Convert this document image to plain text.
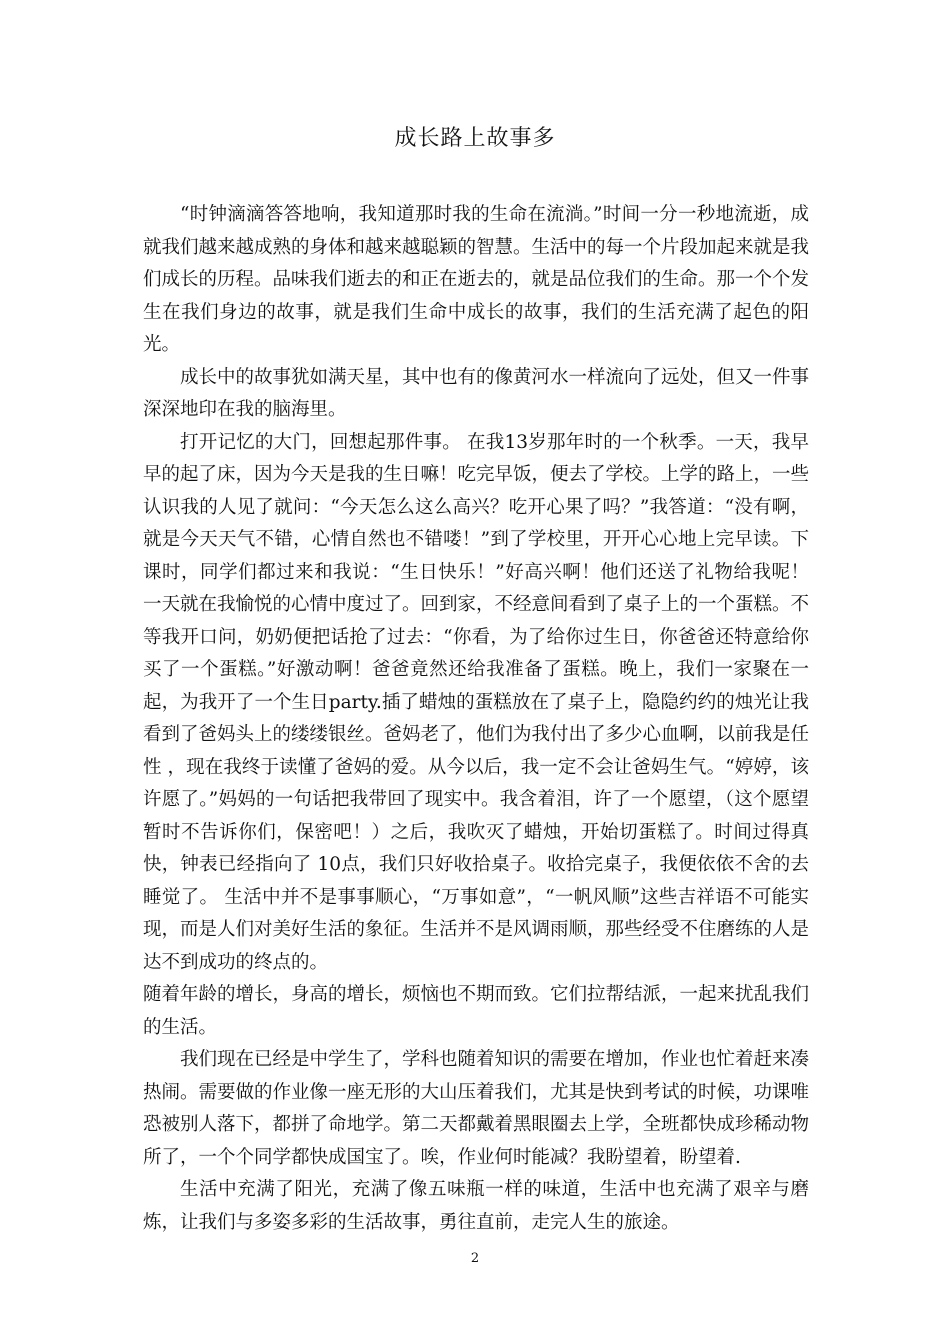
成长路上故事多

“时钟滴滴答答地响，我知道那时我的生命在流淌。”时间一分一秒地流逝，成就我们越来越成熟的身体和越来越聪颖的智慧。生活中的每一个片段加起来就是我们成长的历程。品味我们逝去的和正在逝去的，就是品位我们的生命。那一个个发生在我们身边的故事，就是我们生命中成长的故事，我们的生活充满了起色的阳光。

成长中的故事犹如满天星，其中也有的像黄河水一样流向了远处，但又一件事深深地印在我的脑海里。

打开记忆的大门，回想起那件事。 在我13岁那年时的一个秋季。一天，我早早的起了床，因为今天是我的生日嘛！吃完早饭，便去了学校。上学的路上，一些认识我的人见了就问：“今天怎么这么高兴？吃开心果了吗？”我答道：“没有啊，就是今天天气不错，心情自然也不错喽！”到了学校里，开开心心地上完早读。下课时，同学们都过来和我说：“生日快乐！”好高兴啊！他们还送了礼物给我呢！一天就在我愉悦的心情中度过了。回到家，不经意间看到了桌子上的一个蛋糕。不等我开口问，奶奶便把话抢了过去：“你看，为了给你过生日，你爸爸还特意给你买了一个蛋糕。”好激动啊！爸爸竟然还给我准备了蛋糕。晚上，我们一家聚在一起，为我开了一个生日party.插了蜡烛的蛋糕放在了桌子上，隐隐约约的烛光让我看到了爸妈头上的缕缕银丝。爸妈老了，他们为我付出了多少心血啊，以前我是任性 ，现在我终于读懂了爸妈的爱。从今以后，我一定不会让爸妈生气。“婷婷，该许愿了。”妈妈的一句话把我带回了现实中。我含着泪，许了一个愿望，（这个愿望暂时不告诉你们，保密吧！）之后，我吹灭了蜡烛，开始切蛋糕了。时间过得真快，钟表已经指向了 10点，我们只好收拾桌子。收拾完桌子，我便依依不舍的去睡觉了。 生活中并不是事事顺心，“万事如意”，“一帆风顺”这些吉祥语不可能实现，而是人们对美好生活的象征。生活并不是风调雨顺，那些经受不住磨练的人是达不到成功的终点的。

随着年龄的增长，身高的增长，烦恼也不期而致。它们拉帮结派，一起来扰乱我们的生活。

我们现在已经是中学生了，学科也随着知识的需要在增加，作业也忙着赶来凑热闹。需要做的作业像一座无形的大山压着我们，尤其是快到考试的时候，功课唯恐被别人落下，都拼了命地学。第二天都戴着黑眼圈去上学，全班都快成珍稀动物所了，一个个同学都快成国宝了。唉，作业何时能减？我盼望着，盼望着.

生活中充满了阳光，充满了像五味瓶一样的味道，生活中也充满了艰辛与磨炼，让我们与多姿多彩的生活故事，勇往直前，走完人生的旅途。

2
